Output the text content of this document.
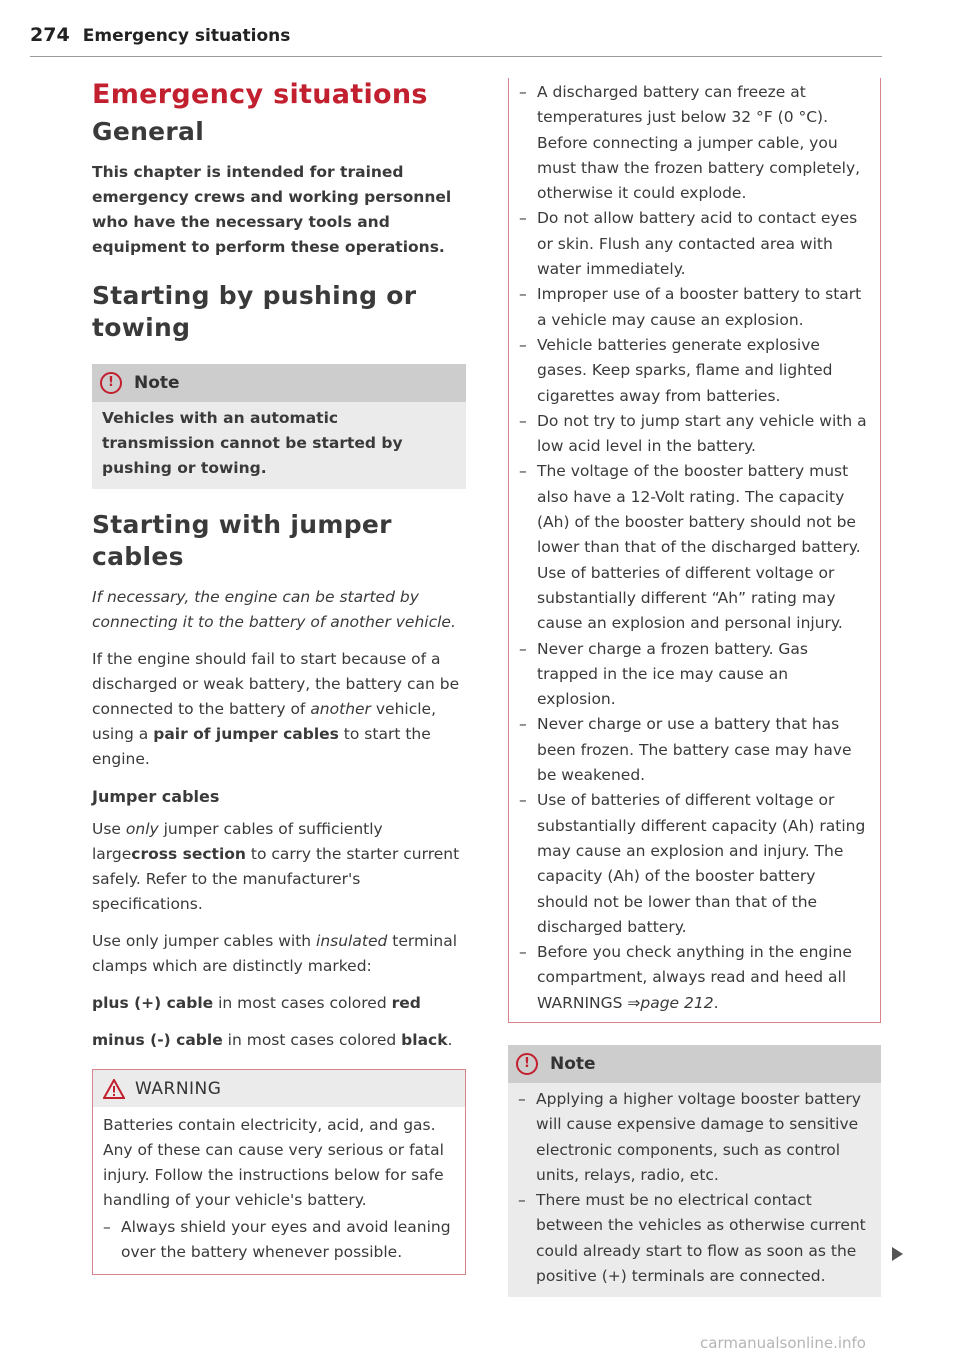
274 Emergency situations
Emergency situations
General

This chapter is intended for trained emergency crews and working personnel who have the necessary tools and equipment to perform these operations.

Starting by pushing or towing
!	Note

Vehicles with an automatic transmission cannot be started by pushing or towing.

Starting with jumper cables

If necessary, the engine can be started by connecting it to the battery of another vehicle.

If the engine should fail to start because of a discharged or weak battery, the battery can be connected to the battery of another vehicle, using a pair of jumper cables to start the engine.

Jumper cables

Use only jumper cables of sufficiently largecross section to carry the starter current safely. Refer to the manufacturer's specifications.

Use only jumper cables with insulated terminal clamps which are distinctly marked:

plus (+) cable in most cases colored red

minus (-) cable in most cases colored black.

WARNING

Batteries contain electricity, acid, and gas. Any of these can cause very serious or fatal injury. Follow the instructions below for safe handling of your vehicle's battery.

– Always shield your eyes and avoid leaning over the battery whenever possible.
– A discharged battery can freeze at temperatures just below 32 °F (0 °C). Before connecting a jumper cable, you must thaw the frozen battery completely, otherwise it could explode.
– Do not allow battery acid to contact eyes or skin. Flush any contacted area with water immediately.
– Improper use of a booster battery to start a vehicle may cause an explosion.
– Vehicle batteries generate explosive gases. Keep sparks, flame and lighted cigarettes away from batteries.
– Do not try to jump start any vehicle with a low acid level in the battery.
– The voltage of the booster battery must also have a 12-Volt rating. The capacity (Ah) of the booster battery should not be lower than that of the discharged battery. Use of batteries of different voltage or substantially different “Ah” rating may cause an explosion and personal injury.
– Never charge a frozen battery. Gas trapped in the ice may cause an explosion.
– Never charge or use a battery that has been frozen. The battery case may have be weakened.
– Use of batteries of different voltage or substantially different capacity (Ah) rating may cause an explosion and injury. The capacity (Ah) of the booster battery should not be lower than that of the discharged battery.
– Before you check anything in the engine compartment, always read and heed all WARNINGS ⇒page 212.
!	Note
– Applying a higher voltage booster battery will cause expensive damage to sensitive electronic components, such as control units, relays, radio, etc.
– There must be no electrical contact between the vehicles as otherwise current could already start to flow as soon as the positive (+) terminals are connected.
carmanualsonline.info
